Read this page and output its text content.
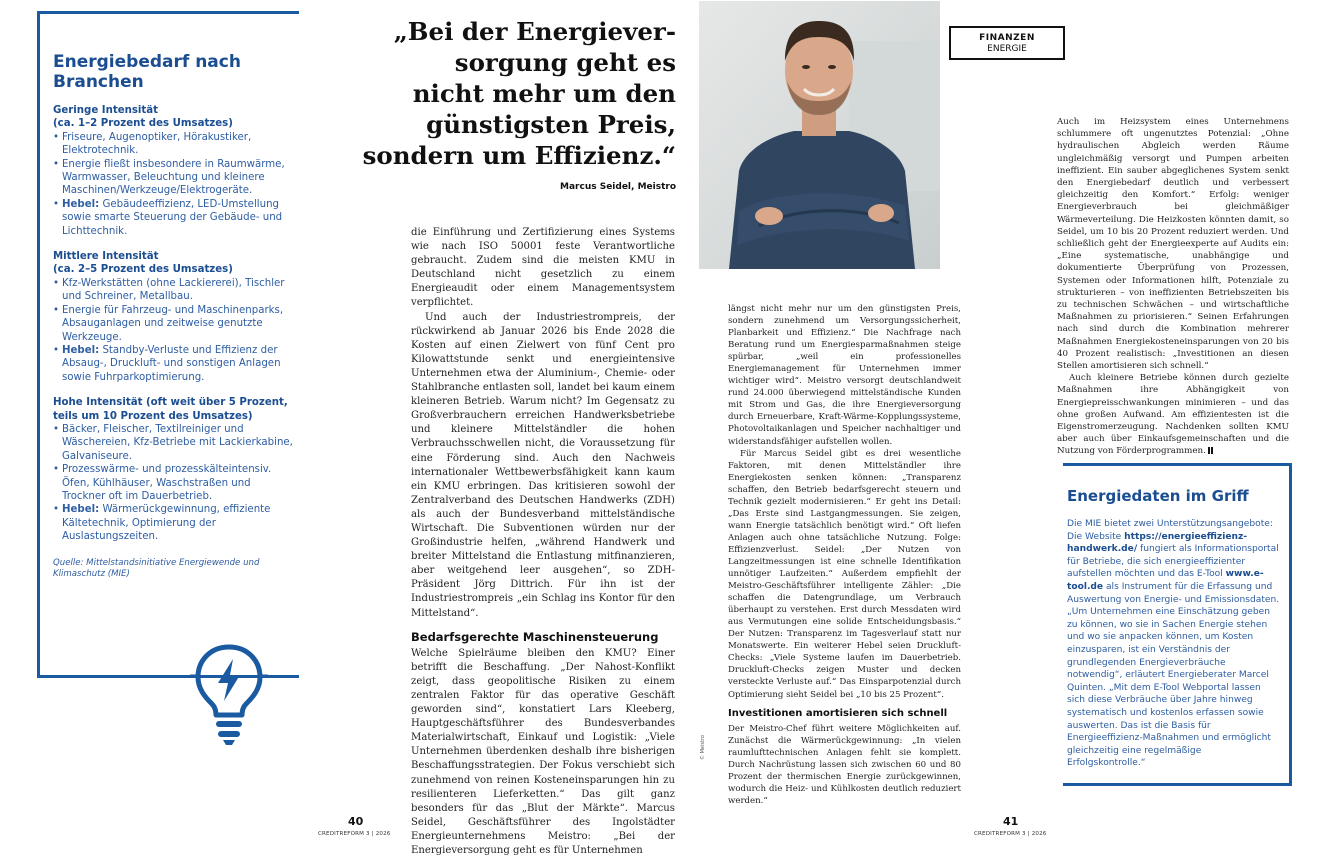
Energiebedarf nach Branchen
Geringe Intensität
(ca. 1–2 Prozent des Umsatzes)
• Friseure, Augenoptiker, Hörakustiker, Elektrotechnik.
• Energie fließt insbesondere in Raumwärme, Warmwasser, Beleuchtung und kleinere Maschinen/Werkzeuge/Elektrogeräte.
• Hebel: Gebäudeeffizienz, LED-Umstellung sowie smarte Steuerung der Gebäude- und Lichttechnik.
Mittlere Intensität
(ca. 2–5 Prozent des Umsatzes)
• Kfz-Werkstätten (ohne Lackiererei), Tischler und Schreiner, Metallbau.
• Energie für Fahrzeug- und Maschinenparks, Absauganlagen und zeitweise genutzte Werkzeuge.
• Hebel: Standby-Verluste und Effizienz der Absaug-, Druckluft- und sonstigen Anlagen sowie Fuhrparkoptimierung.
Hohe Intensität (oft weit über 5 Prozent,
teils um 10 Prozent des Umsatzes)
• Bäcker, Fleischer, Textilreiniger und Wäschereien, Kfz-Betriebe mit Lackierkabine, Galvaniseure.
• Prozesswärme- und prozesskälteintensiv. Öfen, Kühlhäuser, Waschstraßen und Trockner oft im Dauerbetrieb.
• Hebel: Wärmerückgewinnung, effiziente Kältetechnik, Optimierung der Auslastungszeiten.
Quelle: Mittelstandsinitiative Energiewende und Klimaschutz (MIE)
„Bei der Energiever-
sorgung geht es
nicht mehr um den
günstigsten Preis,
sondern um Effizienz.“
Marcus Seidel, Meistro
© Meistro
FINANZEN
ENERGIE

die Einführung und Zertifizierung eines Systems wie nach ISO 50001 feste Verantwortliche gebraucht. Zudem sind die meisten KMU in Deutschland nicht gesetzlich zu einem Energieaudit oder einem Managementsystem verpflichtet.

Und auch der Industriestrompreis, der rückwirkend ab Januar 2026 bis Ende 2028 die Kosten auf einen Zielwert von fünf Cent pro Kilowattstunde senkt und energieintensive Unternehmen etwa der Aluminium-, Chemie- oder Stahlbranche entlasten soll, landet bei kaum einem kleineren Betrieb. Warum nicht? Im Gegensatz zu Großverbrauchern erreichen Handwerksbetriebe und kleinere Mittelständler die hohen Verbrauchsschwellen nicht, die Voraussetzung für eine Förderung sind. Auch den Nachweis internationaler Wettbewerbsfähigkeit kann kaum ein KMU erbringen. Das kritisieren sowohl der Zentralverband des Deutschen Handwerks (ZDH) als auch der Bundesverband mittelständische Wirtschaft. Die Subventionen würden nur der Großindustrie helfen, „während Handwerk und breiter Mittelstand die Entlastung mitfinanzieren, aber weitgehend leer ausgehen“, so ZDH-Präsident Jörg Dittrich. Für ihn ist der Industriestrompreis „ein Schlag ins Kontor für den Mittelstand“.

Bedarfsgerechte Maschinensteuerung

Welche Spielräume bleiben den KMU? Einer betrifft die Beschaffung. „Der Nahost-Konflikt zeigt, dass geopolitische Risiken zu einem zentralen Faktor für das operative Geschäft geworden sind“, konstatiert Lars Kleeberg, Hauptgeschäftsführer des Bundesverbandes Materialwirtschaft, Einkauf und Logistik: „Viele Unternehmen überdenken deshalb ihre bisherigen Beschaffungsstrategien. Der Fokus verschiebt sich zunehmend von reinen Kosteneinsparungen hin zu resilienteren Lieferketten.“ Das gilt ganz besonders für das „Blut der Märkte“. Marcus Seidel, Geschäftsführer des Ingolstädter Energieunternehmens Meistro: „Bei der Energieversorgung geht es für Unternehmen

längst nicht mehr nur um den günstigsten Preis, sondern zunehmend um Versorgungssicherheit, Planbarkeit und Effizienz.“ Die Nachfrage nach Beratung rund um Energiesparmaßnahmen steige spürbar, „weil ein professionelles Energiemanagement für Unternehmen immer wichtiger wird“. Meistro versorgt deutschlandweit rund 24.000 überwiegend mittelständische Kunden mit Strom und Gas, die ihre Energieversorgung durch Erneuerbare, Kraft-Wärme-Kopplungssysteme, Photovoltaikanlagen und Speicher nachhaltiger und widerstandsfähiger aufstellen wollen.

Für Marcus Seidel gibt es drei wesentliche Faktoren, mit denen Mittelständler ihre Energiekosten senken können: „Transparenz schaffen, den Betrieb bedarfsgerecht steuern und Technik gezielt modernisieren.“ Er geht ins Detail: „Das Erste sind Lastgangmessungen. Sie zeigen, wann Energie tatsächlich benötigt wird.“ Oft liefen Anlagen auch ohne tatsächliche Nutzung. Folge: Effizienzverlust. Seidel: „Der Nutzen von Langzeitmessungen ist eine schnelle Identifikation unnötiger Laufzeiten.“ Außerdem empfiehlt der Meistro-Geschäftsführer intelligente Zähler: „Die schaffen die Datengrundlage, um Verbrauch überhaupt zu verstehen. Erst durch Messdaten wird aus Vermutungen eine solide Entscheidungsbasis.“ Der Nutzen: Transparenz im Tagesverlauf statt nur Monatswerte. Ein weiterer Hebel seien Druckluft-Checks: „Viele Systeme laufen im Dauerbetrieb. Druckluft-Checks zeigen Muster und decken versteckte Verluste auf.“ Das Einsparpotenzial durch Optimierung sieht Seidel bei „10 bis 25 Prozent“.

Investitionen amortisieren sich schnell

Der Meistro-Chef führt weitere Möglichkeiten auf. Zunächst die Wärmerückgewinnung: „In vielen raumlufttechnischen Anlagen fehlt sie komplett. Durch Nachrüstung lassen sich zwischen 60 und 80 Prozent der thermischen Energie zurückgewinnen, wodurch die Heiz- und Kühlkosten deutlich reduziert werden.“

Auch im Heizsystem eines Unternehmens schlummere oft ungenutztes Potenzial: „Ohne hydraulischen Abgleich werden Räume ungleichmäßig versorgt und Pumpen arbeiten ineffizient. Ein sauber abgeglichenes System senkt den Energiebedarf deutlich und verbessert gleichzeitig den Komfort.“ Erfolg: weniger Energieverbrauch bei gleichmäßiger Wärmeverteilung. Die Heizkosten könnten damit, so Seidel, um 10 bis 20 Prozent reduziert werden. Und schließlich geht der Energieexperte auf Audits ein: „Eine systematische, unabhängige und dokumentierte Überprüfung von Prozessen, Systemen oder Informationen hilft, Potenziale zu strukturieren – von ineffizienten Betriebszeiten bis zu technischen Schwächen – und wirtschaftliche Maßnahmen zu priorisieren.“ Seinen Erfahrungen nach sind durch die Kombination mehrerer Maßnahmen Energiekosteneinsparungen von 20 bis 40 Prozent realistisch: „Investitionen an diesen Stellen amortisieren sich schnell.“

Auch kleinere Betriebe können durch gezielte Maßnahmen ihre Abhängigkeit von Energiepreisschwankungen minimieren – und das ohne großen Aufwand. Am effizientesten ist die Eigenstromerzeugung. Nachdenken sollten KMU aber auch über Einkaufsgemeinschaften und die Nutzung von Förderprogrammen.

Energiedaten im Griff

Die MIE bietet zwei Unterstützungsangebote: Die Website https://energieeffizienz-handwerk.de/ fungiert als Informationsportal für Betriebe, die sich energieeffizienter aufstellen möchten und das E-Tool www.e-tool.de als Instrument für die Erfassung und Auswertung von Energie- und Emissionsdaten. „Um Unternehmen eine Einschätzung geben zu können, wo sie in Sachen Energie stehen und wo sie anpacken können, um Kosten einzusparen, ist ein Verständnis der grundlegenden Energieverbräuche notwendig“, erläutert Energieberater Marcel Quinten. „Mit dem E-Tool Webportal lassen sich diese Verbräuche über Jahre hinweg systematisch und kostenlos erfassen sowie auswerten. Das ist die Basis für Energieeffizienz-Maßnahmen und ermöglicht gleichzeitig eine regelmäßige Erfolgskontrolle.“

40
CREDITREFORM 3 | 2026
41
CREDITREFORM 3 | 2026
